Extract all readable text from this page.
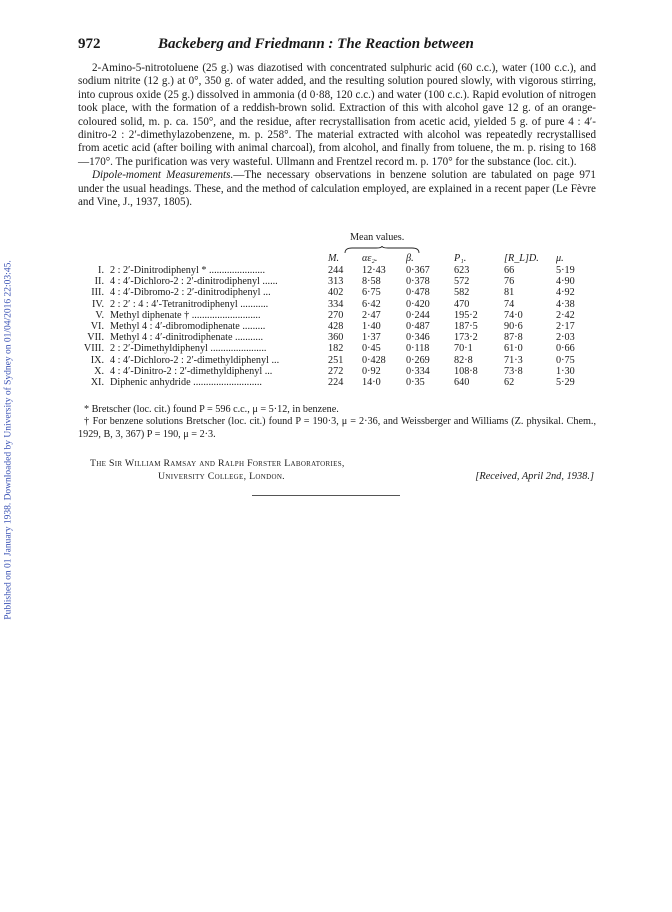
Published on 01 January 1938. Downloaded by University of Sydney on 01/04/2016 22:03:45.
972	Backeberg and Friedmann : The Reaction between

2-Amino-5-nitrotoluene (25 g.) was diazotised with concentrated sulphuric acid (60 c.c.), water (100 c.c.), and sodium nitrite (12 g.) at 0°, 350 g. of water added, and the resulting solution poured slowly, with vigorous stirring, into cuprous oxide (25 g.) dissolved in ammonia (d 0·88, 120 c.c.) and water (100 c.c.). Rapid evolution of nitrogen took place, with the formation of a reddish-brown solid. Extraction of this with alcohol gave 12 g. of an orange-coloured solid, m. p. ca. 150°, and the residue, after recrystallisation from acetic acid, yielded 5 g. of pure 4 : 4′-dinitro-2 : 2′-dimethylazobenzene, m. p. 258°. The material extracted with alcohol was repeatedly recrystallised from acetic acid (after boiling with animal charcoal), from alcohol, and finally from toluene, the m. p. rising to 168—170°. The purification was very wasteful. Ullmann and Frentzel record m. p. 170° for the substance (loc. cit.).

Dipole-moment Measurements.—The necessary observations in benzene solution are tabulated on page 971 under the usual headings. These, and the method of calculation employed, are explained in a recent paper (Le Fèvre and Vine, J., 1937, 1805).

Mean values.
		M.	αε₂.	β.	P₁.	[R_L]D.	μ.
I.	2 : 2′-Dinitrodiphenyl * ......................	244	12·43	0·367	623	66	5·19
II.	4 : 4′-Dichloro-2 : 2′-dinitrodiphenyl ......	313	8·58	0·378	572	76	4·90
III.	4 : 4′-Dibromo-2 : 2′-dinitrodiphenyl ...	402	6·75	0·478	582	81	4·92
IV.	2 : 2′ : 4 : 4′-Tetranitrodiphenyl ...........	334	6·42	0·420	470	74	4·38
V.	Methyl diphenate † ...........................	270	2·47	0·244	195·2	74·0	2·42
VI.	Methyl 4 : 4′-dibromodiphenate .........	428	1·40	0·487	187·5	90·6	2·17
VII.	Methyl 4 : 4′-dinitrodiphenate ...........	360	1·37	0·346	173·2	87·8	2·03
VIII.	2 : 2′-Dimethyldiphenyl ......................	182	0·45	0·118	70·1	61·0	0·66
IX.	4 : 4′-Dichloro-2 : 2′-dimethyldiphenyl ...	251	0·428	0·269	82·8	71·3	0·75
X.	4 : 4′-Dinitro-2 : 2′-dimethyldiphenyl ...	272	0·92	0·334	108·8	73·8	1·30
XI.	Diphenic anhydride ...........................	224	14·0	0·35	640	62	5·29

* Bretscher (loc. cit.) found P = 596 c.c., μ = 5·12, in benzene.

† For benzene solutions Bretscher (loc. cit.) found P = 190·3, μ = 2·36, and Weissberger and Williams (Z. physikal. Chem., 1929, B, 3, 367) P = 190, μ = 2·3.

The Sir William Ramsay and Ralph Forster Laboratories,
University College, London.	[Received, April 2nd, 1938.]
